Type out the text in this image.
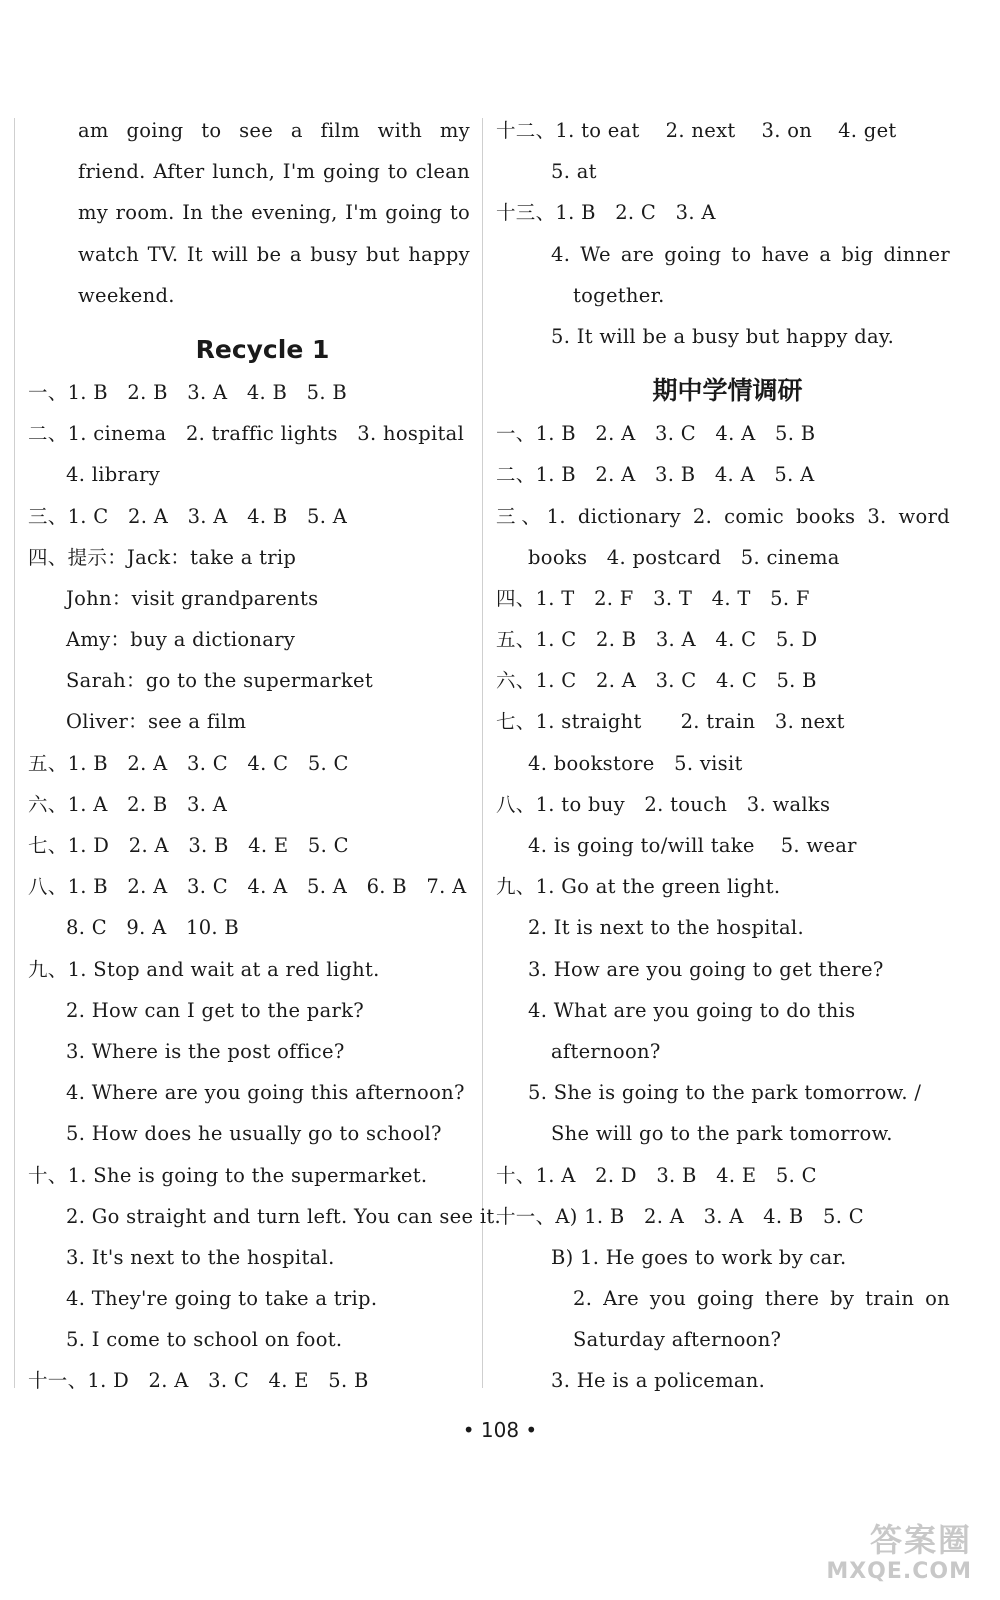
am going to see a film with my
friend. After lunch, I'm going to clean
my room. In the evening, I'm going to
watch TV. It will be a busy but happy
weekend.
Recycle 1
一、1. B   2. B   3. A   4. B   5. B
二、1. cinema   2. traffic lights   3. hospital
4. library
三、1. C   2. A   3. A   4. B   5. A
四、提示：Jack：take a trip
John：visit grandparents
Amy：buy a dictionary
Sarah：go to the supermarket
Oliver：see a film
五、1. B   2. A   3. C   4. C   5. C
六、1. A   2. B   3. A
七、1. D   2. A   3. B   4. E   5. C
八、1. B   2. A   3. C   4. A   5. A   6. B   7. A
8. C   9. A   10. B
九、1. Stop and wait at a red light.
2. How can I get to the park?
3. Where is the post office?
4. Where are you going this afternoon?
5. How does he usually go to school?
十、1. She is going to the supermarket.
2. Go straight and turn left. You can see it.
3. It's next to the hospital.
4. They're going to take a trip.
5. I come to school on foot.
十一、1. D   2. A   3. C   4. E   5. B
十二、1. to eat    2. next    3. on    4. get
5. at
十三、1. B   2. C   3. A
4. We are going to have a big dinner
together.
5. It will be a busy but happy day.
期中学情调研
一、1. B   2. A   3. C   4. A   5. B
二、1. B   2. A   3. B   4. A   5. A
三、1. dictionary 2. comic books 3. word
books   4. postcard   5. cinema
四、1. T   2. F   3. T   4. T   5. F
五、1. C   2. B   3. A   4. C   5. D
六、1. C   2. A   3. C   4. C   5. B
七、1. straight      2. train   3. next
4. bookstore   5. visit
八、1. to buy   2. touch   3. walks
4. is going to/will take    5. wear
九、1. Go at the green light.
2. It is next to the hospital.
3. How are you going to get there?
4. What are you going to do this
afternoon?
5. She is going to the park tomorrow. /
She will go to the park tomorrow.
十、1. A   2. D   3. B   4. E   5. C
十一、A) 1. B   2. A   3. A   4. B   5. C
B) 1. He goes to work by car.
2. Are you going there by train on
Saturday afternoon?
3. He is a policeman.
• 108 •
答案圈
MXQE.COM
